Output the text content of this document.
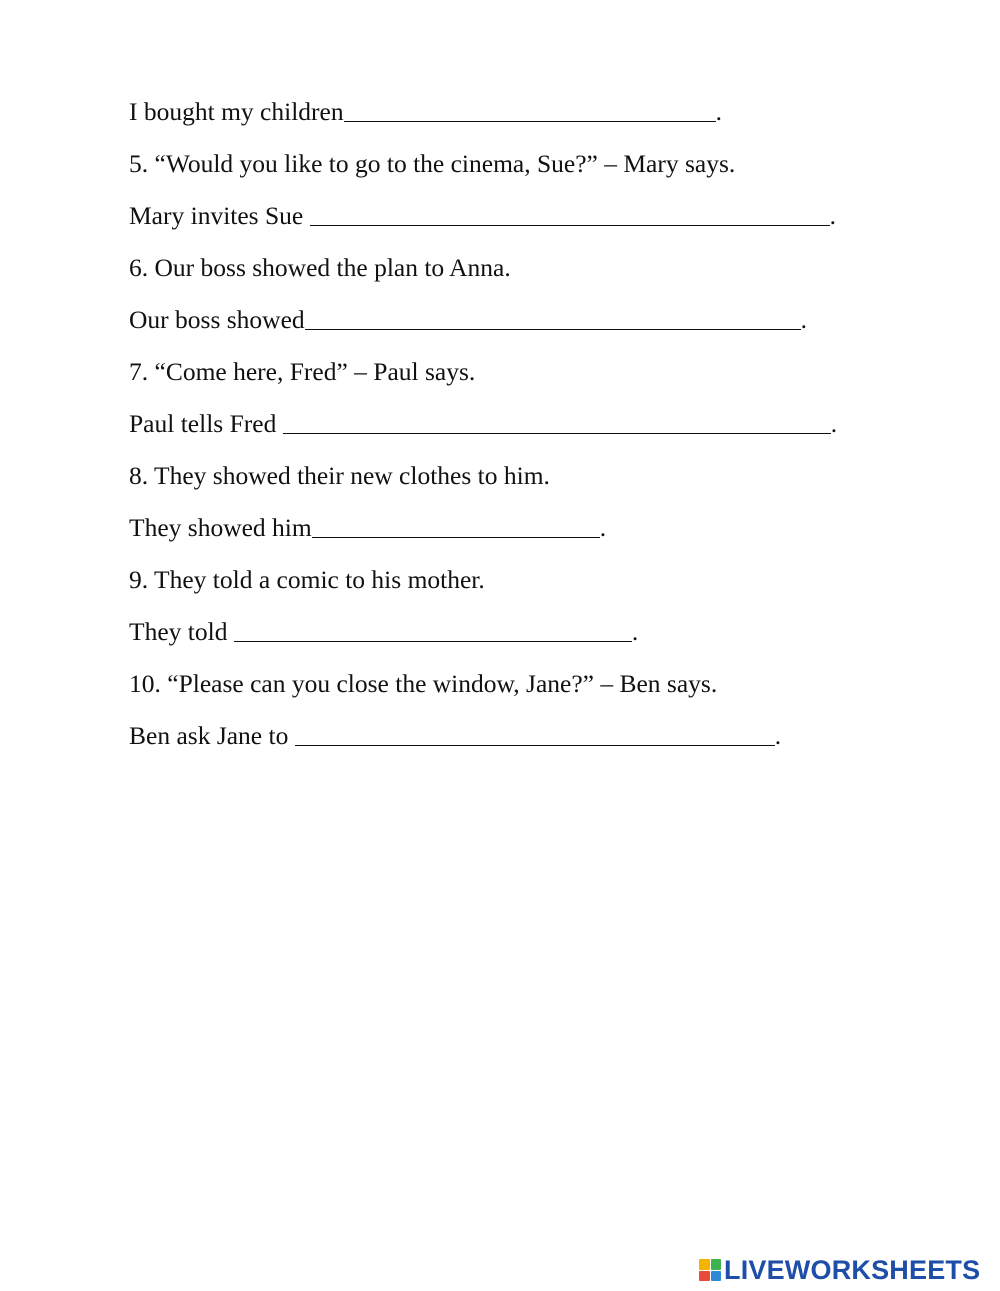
I bought my children	.
5. “Would you like to go to the cinema, Sue?” – Mary says.
Mary invites Sue	.
6. Our boss showed the plan to Anna.
Our boss showed	.
7. “Come here, Fred” – Paul says.
Paul tells Fred	.
8. They showed their new clothes to him.
They showed him	.
9. They told a comic to his mother.
They told	.
10. “Please can you close the window, Jane?” – Ben says.
Ben ask Jane to	.
LIVEWORKSHEETS
